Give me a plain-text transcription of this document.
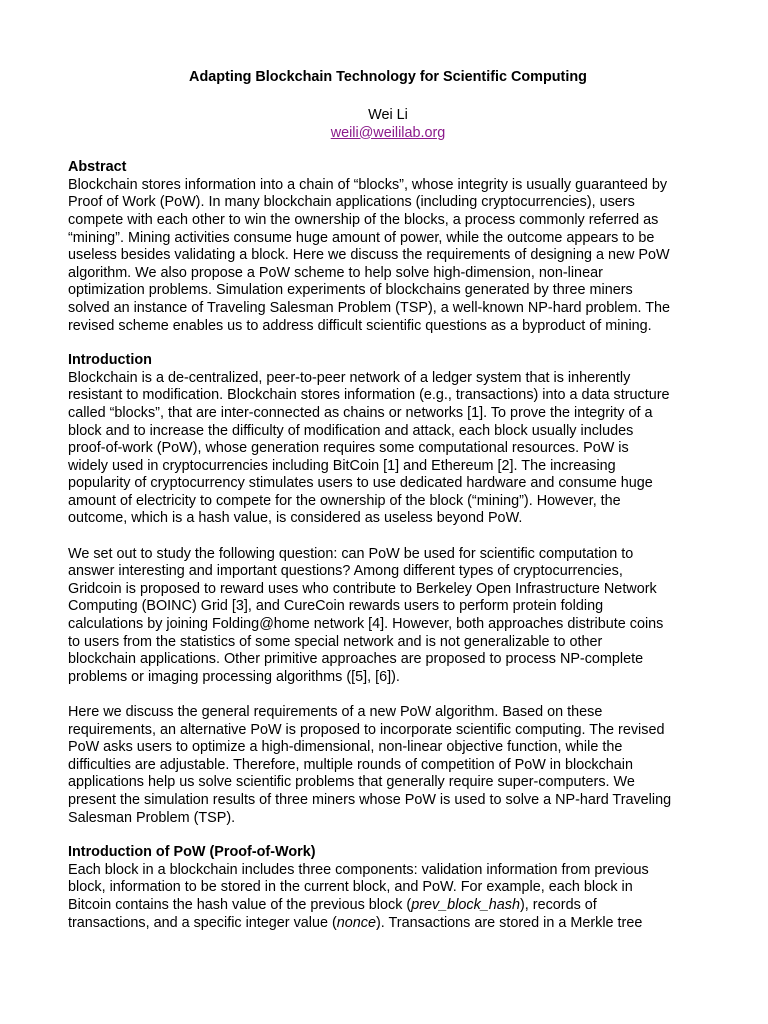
Adapting Blockchain Technology for Scientific Computing

Wei Li

weili@weililab.org

Abstract

Blockchain stores information into a chain of “blocks”, whose integrity is usually guaranteed by
Proof of Work (PoW). In many blockchain applications (including cryptocurrencies), users
compete with each other to win the ownership of the blocks, a process commonly referred as
“mining”. Mining activities consume huge amount of power, while the outcome appears to be
useless besides validating a block. Here we discuss the requirements of designing a new PoW
algorithm. We also propose a PoW scheme to help solve high-dimension, non-linear
optimization problems. Simulation experiments of blockchains generated by three miners
solved an instance of Traveling Salesman Problem (TSP), a well-known NP-hard problem. The
revised scheme enables us to address difficult scientific questions as a byproduct of mining.

Introduction

Blockchain is a de-centralized, peer-to-peer network of a ledger system that is inherently
resistant to modification. Blockchain stores information (e.g., transactions) into a data structure
called “blocks”, that are inter-connected as chains or networks [1]. To prove the integrity of a
block and to increase the difficulty of modification and attack, each block usually includes
proof-of-work (PoW), whose generation requires some computational resources. PoW is
widely used in cryptocurrencies including BitCoin [1] and Ethereum [2]. The increasing
popularity of cryptocurrency stimulates users to use dedicated hardware and consume huge
amount of electricity to compete for the ownership of the block (“mining”). However, the
outcome, which is a hash value, is considered as useless beyond PoW.

We set out to study the following question: can PoW be used for scientific computation to
answer interesting and important questions? Among different types of cryptocurrencies,
Gridcoin is proposed to reward uses who contribute to Berkeley Open Infrastructure Network
Computing (BOINC) Grid [3], and CureCoin rewards users to perform protein folding
calculations by joining Folding@home network [4]. However, both approaches distribute coins
to users from the statistics of some special network and is not generalizable to other
blockchain applications. Other primitive approaches are proposed to process NP-complete
problems or imaging processing algorithms ([5], [6]).

Here we discuss the general requirements of a new PoW algorithm. Based on these
requirements, an alternative PoW is proposed to incorporate scientific computing. The revised
PoW asks users to optimize a high-dimensional, non-linear objective function, while the
difficulties are adjustable. Therefore, multiple rounds of competition of PoW in blockchain
applications help us solve scientific problems that generally require super-computers. We
present the simulation results of three miners whose PoW is used to solve a NP-hard Traveling
Salesman Problem (TSP).

Introduction of PoW (Proof-of-Work)

Each block in a blockchain includes three components: validation information from previous
block, information to be stored in the current block, and PoW. For example, each block in
Bitcoin contains the hash value of the previous block (prev_block_hash), records of
transactions, and a specific integer value (nonce). Transactions are stored in a Merkle tree
